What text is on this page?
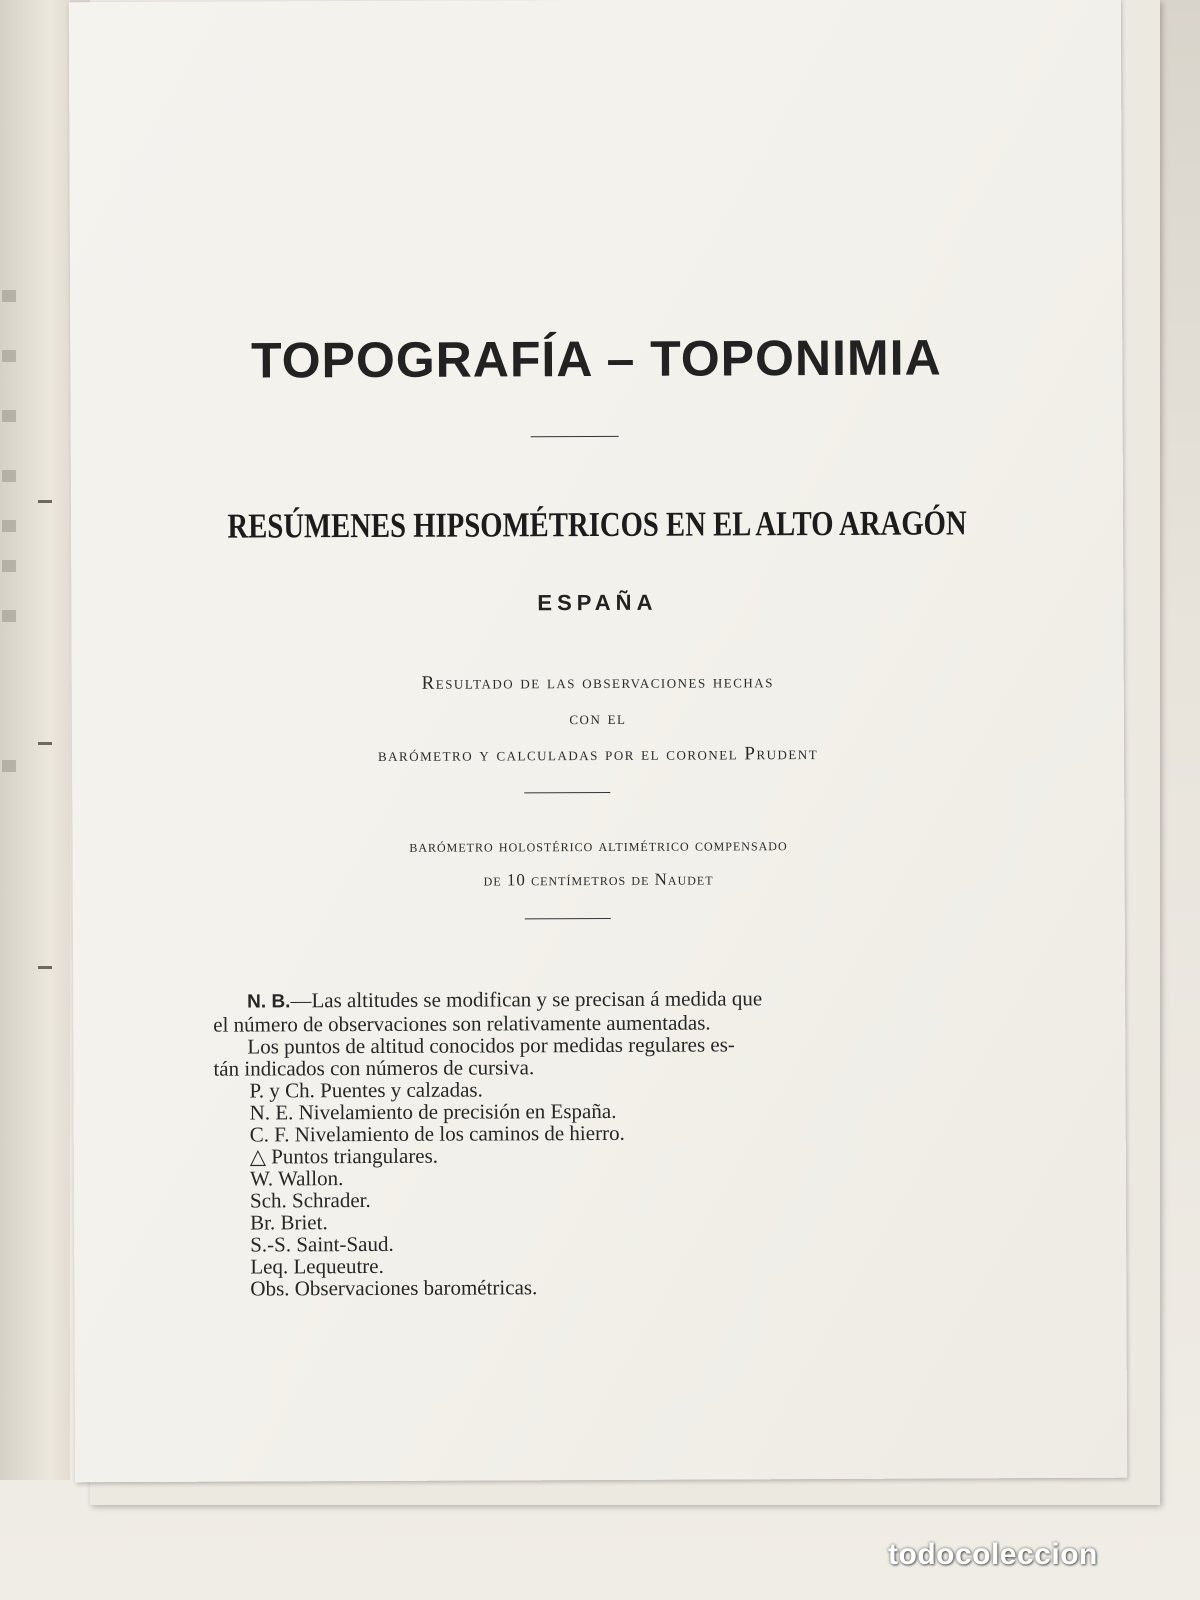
TOPOGRAFÍA – TOPONIMIA
RESÚMENES HIPSOMÉTRICOS EN EL ALTO ARAGÓN
ESPAÑA
Resultado de las observaciones hechas
con el
barómetro y calculadas por el coronel Prudent
barómetro holostérico altimétrico compensado
de 10 centímetros de Naudet

N. B.—Las altitudes se modifican y se precisan á medida que

el número de observaciones son relativamente aumentadas.

Los puntos de altitud conocidos por medidas regulares es-

tán indicados con números de cursiva.

P. y Ch. Puentes y calzadas.

N. E. Nivelamiento de precisión en España.

C. F. Nivelamiento de los caminos de hierro.

△ Puntos triangulares.

W. Wallon.

Sch. Schrader.

Br. Briet.

S.-S. Saint-Saud.

Leq. Lequeutre.

Obs. Observaciones barométricas.

todocoleccion
